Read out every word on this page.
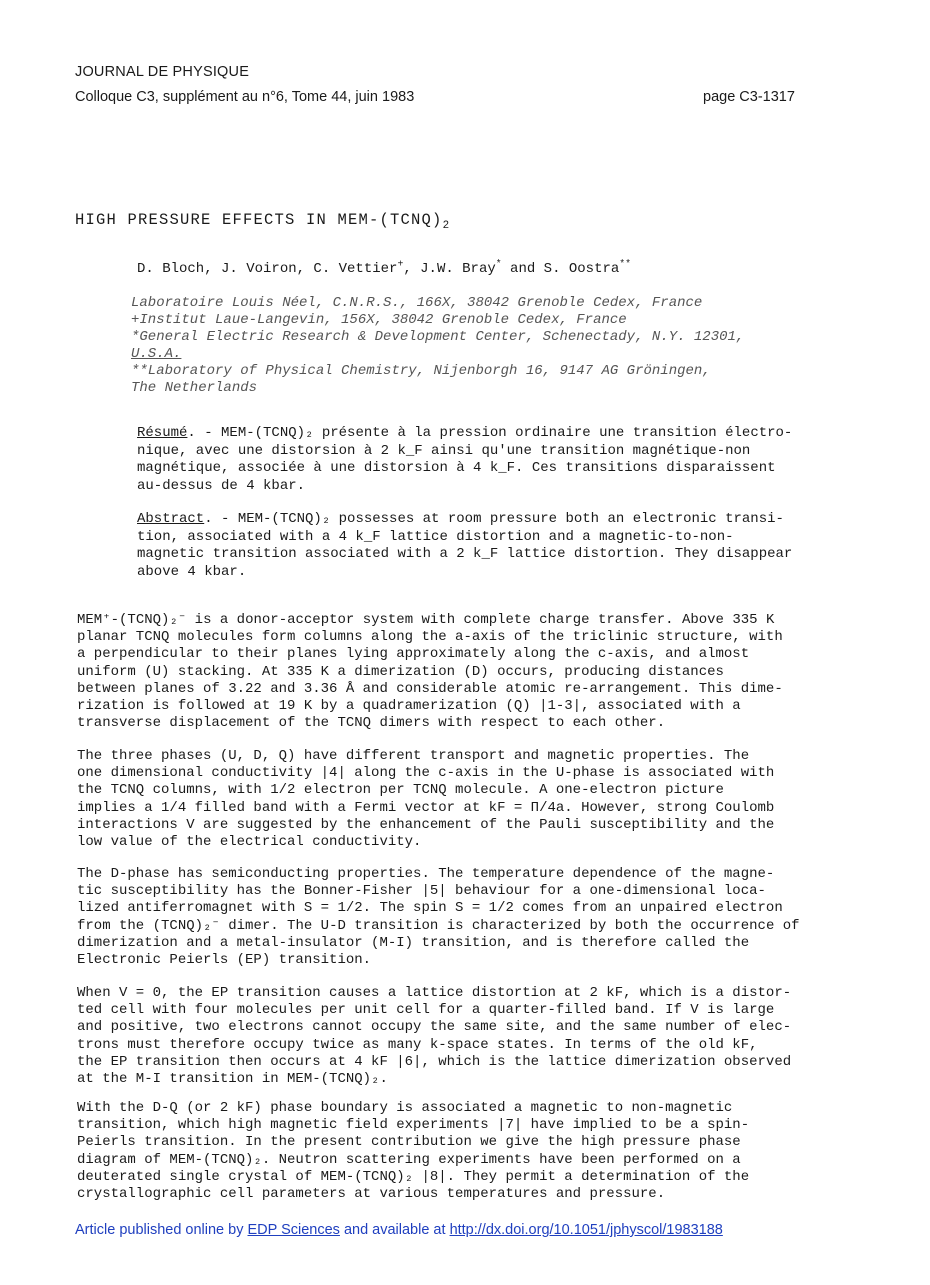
JOURNAL DE PHYSIQUE
Colloque C3, supplément au n°6, Tome 44, juin 1983	page C3-1317
HIGH PRESSURE EFFECTS IN MEM-$(TCNQ)_2$
D. Bloch, J. Voiron, C. Vettier+, J.W. Bray* and S. Oostra**
Laboratoire Louis Néel, C.N.R.S., 166X, 38042 Grenoble Cedex, France
+Institut Laue-Langevin, 156X, 38042 Grenoble Cedex, France
*General Electric Research & Development Center, Schenectady, N.Y. 12301,
U.S.A.
**Laboratory of Physical Chemistry, Nijenborgh 16, 9147 AG Gröningen,
The Netherlands
Résumé. - MEM-(TCNQ)₂ présente à la pression ordinaire une transition électro-
nique, avec une distorsion à 2 k_F ainsi qu'une transition magnétique-non
magnétique, associée à une distorsion à 4 k_F. Ces transitions disparaissent
au-dessus de 4 kbar.
Abstract. - MEM-(TCNQ)₂ possesses at room pressure both an electronic transi-
tion, associated with a 4 k_F lattice distortion and a magnetic-to-non-
magnetic transition associated with a 2 k_F lattice distortion. They disappear
above 4 kbar.
MEM⁺-(TCNQ)₂⁻ is a donor-acceptor system with complete charge transfer. Above 335 K
planar TCNQ molecules form columns along the a-axis of the triclinic structure, with
a perpendicular to their planes lying approximately along the c-axis, and almost
uniform (U) stacking. At 335 K a dimerization (D) occurs, producing distances
between planes of 3.22 and 3.36 Å and considerable atomic re-arrangement. This dime-
rization is followed at 19 K by a quadramerization (Q) |1-3|, associated with a
transverse displacement of the TCNQ dimers with respect to each other.
The three phases (U, D, Q) have different transport and magnetic properties. The
one dimensional conductivity |4| along the c-axis in the U-phase is associated with
the TCNQ columns, with 1/2 electron per TCNQ molecule. A one-electron picture
implies a 1/4 filled band with a Fermi vector at kF = Π/4a. However, strong Coulomb
interactions V are suggested by the enhancement of the Pauli susceptibility and the
low value of the electrical conductivity.
The D-phase has semiconducting properties. The temperature dependence of the magne-
tic susceptibility has the Bonner-Fisher |5| behaviour for a one-dimensional loca-
lized antiferromagnet with S = 1/2. The spin S = 1/2 comes from an unpaired electron
from the (TCNQ)₂⁻ dimer. The U-D transition is characterized by both the occurrence of
dimerization and a metal-insulator (M-I) transition, and is therefore called the
Electronic Peierls (EP) transition.
When V = 0, the EP transition causes a lattice distortion at 2 kF, which is a distor-
ted cell with four molecules per unit cell for a quarter-filled band. If V is large
and positive, two electrons cannot occupy the same site, and the same number of elec-
trons must therefore occupy twice as many k-space states. In terms of the old kF,
the EP transition then occurs at 4 kF |6|, which is the lattice dimerization observed
at the M-I transition in MEM-(TCNQ)₂.
With the D-Q (or 2 kF) phase boundary is associated a magnetic to non-magnetic
transition, which high magnetic field experiments |7| have implied to be a spin-
Peierls transition. In the present contribution we give the high pressure phase
diagram of MEM-(TCNQ)₂. Neutron scattering experiments have been performed on a
deuterated single crystal of MEM-(TCNQ)₂ |8|. They permit a determination of the
crystallographic cell parameters at various temperatures and pressure.
Article published online by EDP Sciences and available at http://dx.doi.org/10.1051/jphyscol/1983188
